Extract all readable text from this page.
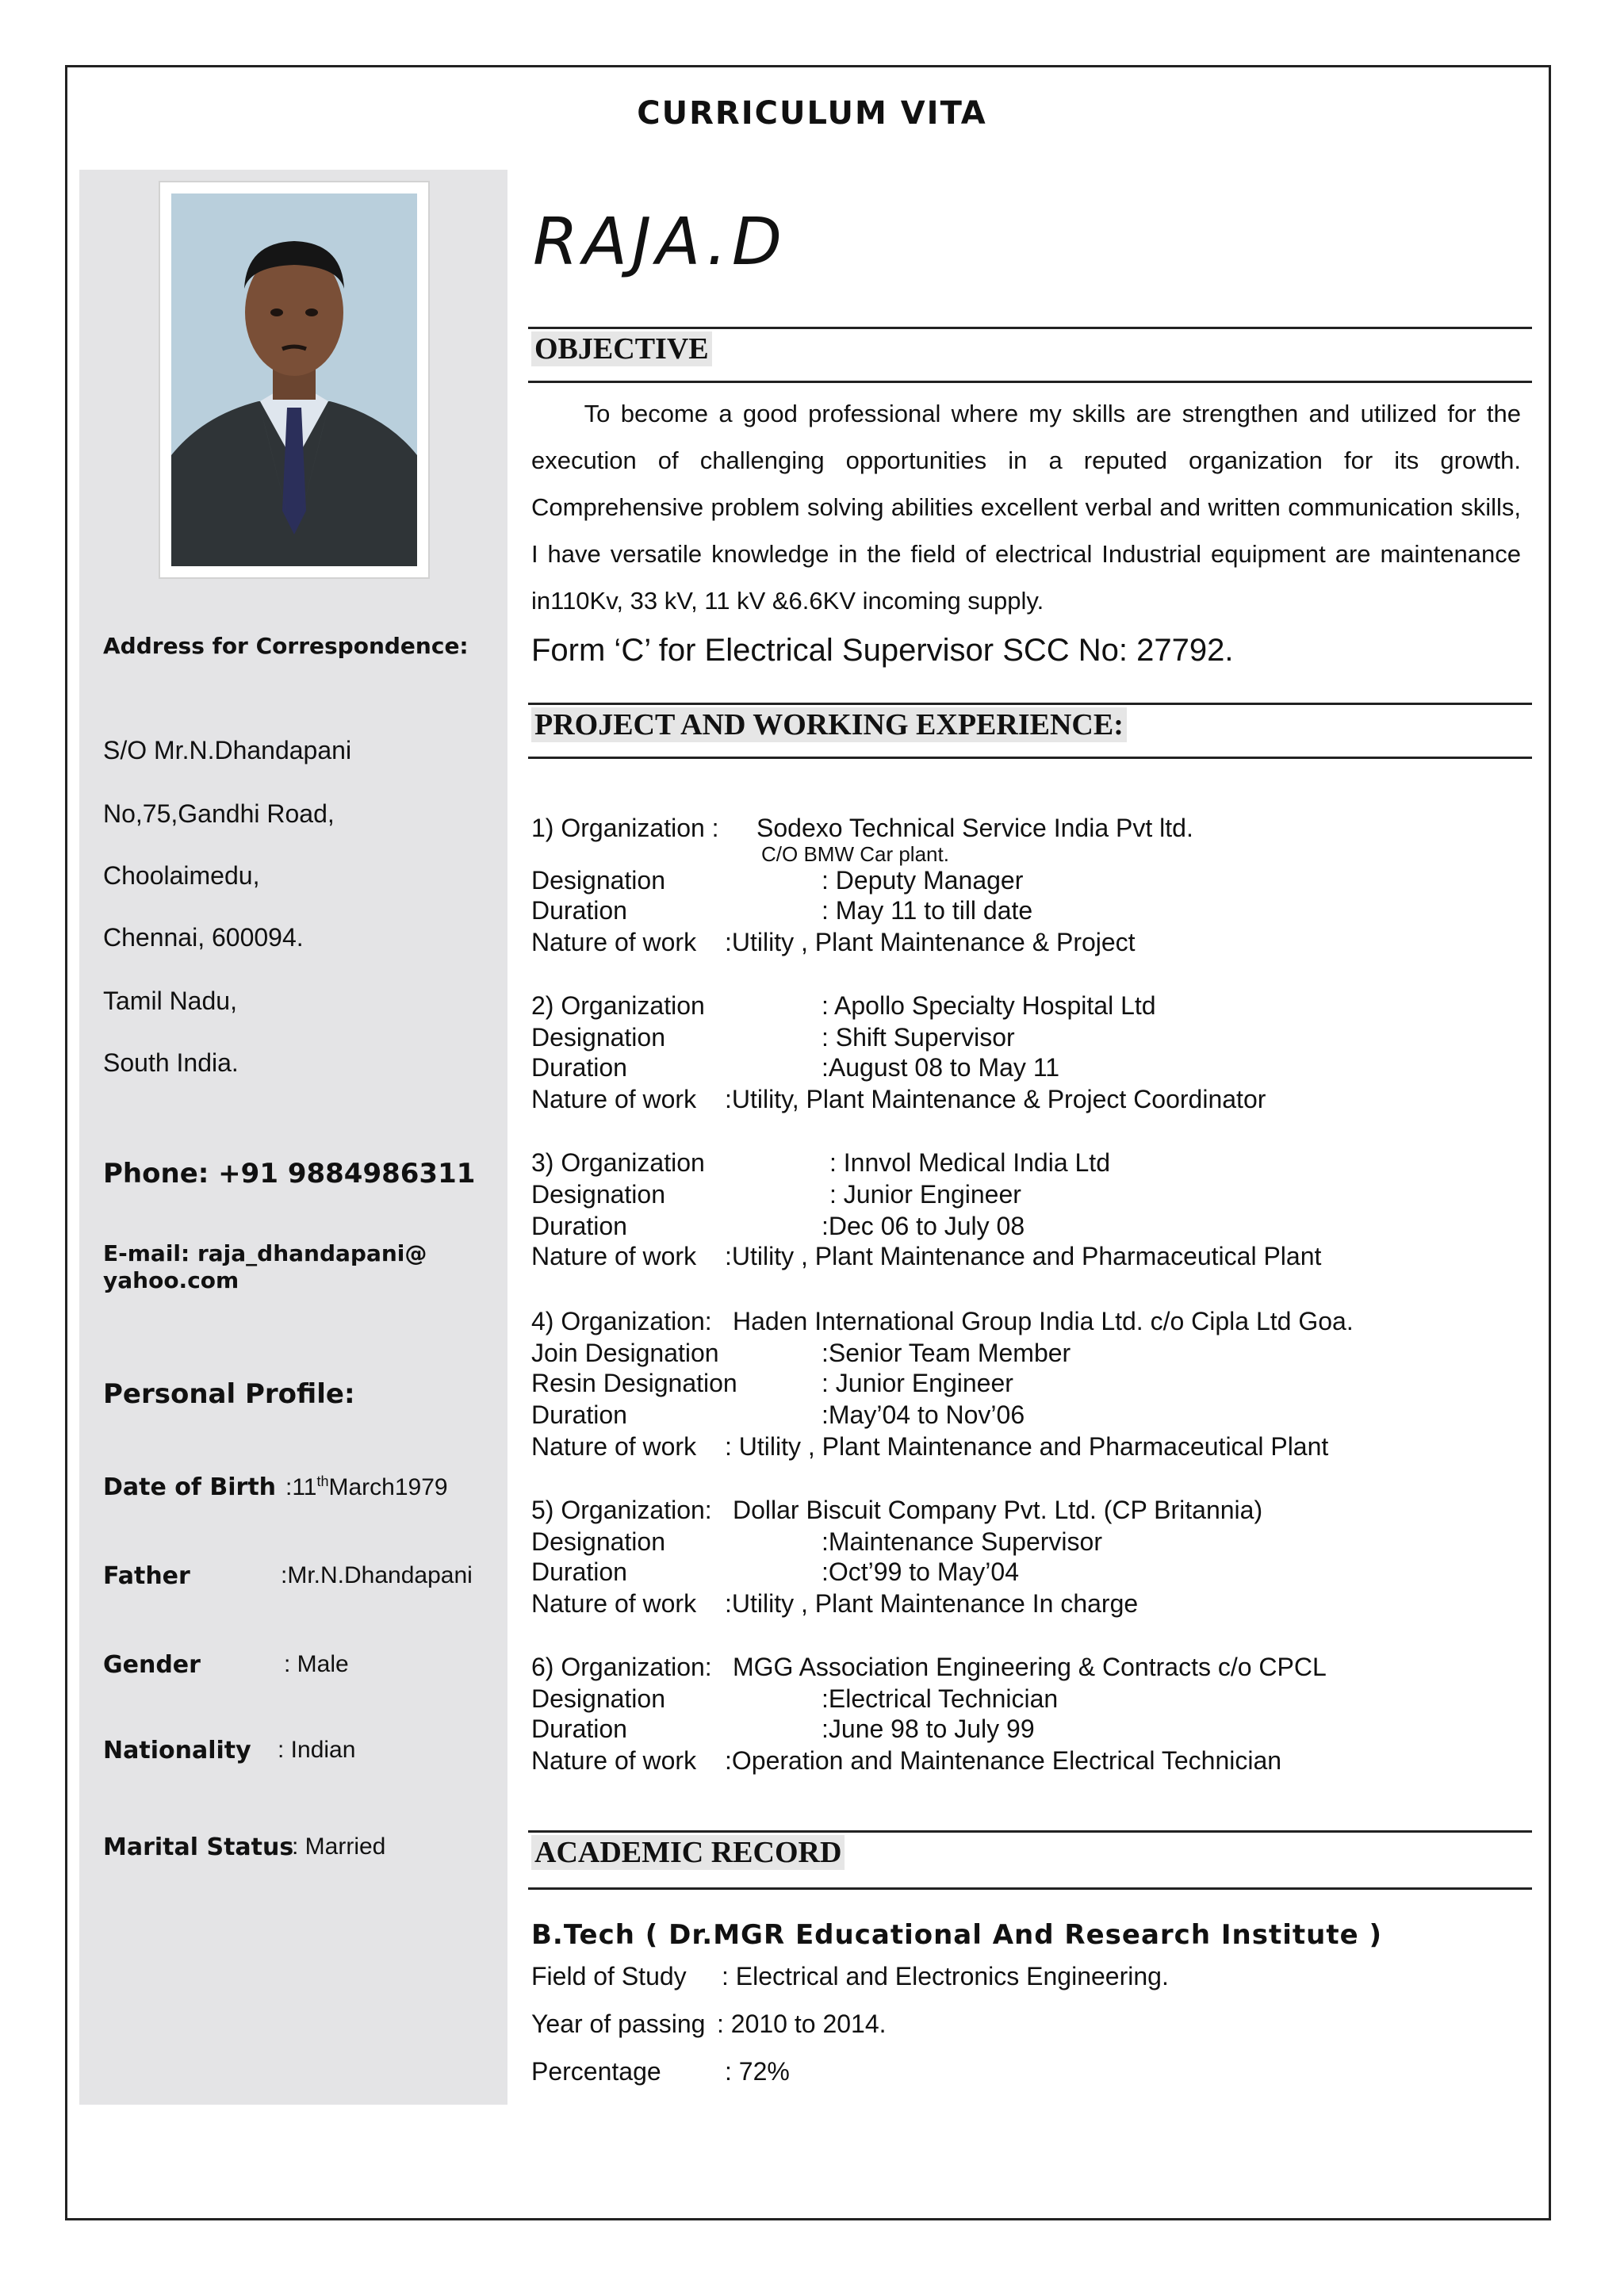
CURRICULUM VITA
Address for Correspondence:
S/O Mr.N.Dhandapani
No,75,Gandhi Road,
Choolaimedu,
Chennai, 600094.
Tamil Nadu,
South India.
Phone: +91 9884986311
E-mail: raja_dhandapani@
yahoo.com
Personal Profile:
Date of Birth :11thMarch1979
Father	:Mr.N.Dhandapani
Gender	: Male
Nationality : Indian
Marital Status
: Married
RAJA.D
OBJECTIVE
To become a good professional where my skills are strengthen and utilized for the execution of challenging opportunities in a reputed organization for its growth. Comprehensive problem solving abilities excellent verbal and written communication skills, I have versatile knowledge in the field of electrical Industrial equipment are maintenance in110Kv, 33 kV, 11 kV &6.6KV incoming supply.
Form ‘C’ for Electrical Supervisor SCC No: 27792.
PROJECT AND WORKING EXPERIENCE:
1) Organization : Sodexo Technical Service India Pvt ltd.
C/O BMW Car plant.
Designation	: Deputy Manager
Duration	: May 11 to till date
Nature of work :Utility , Plant Maintenance & Project
2) Organization	: Apollo Specialty Hospital Ltd
Designation	: Shift Supervisor
Duration	:August 08 to May 11
Nature of work :Utility, Plant Maintenance & Project Coordinator
3) Organization	: Innvol Medical India Ltd
Designation	: Junior Engineer
Duration	:Dec 06 to July 08
Nature of work :Utility , Plant Maintenance and Pharmaceutical Plant
4) Organization: Haden International Group India Ltd. c/o Cipla Ltd Goa.
Join Designation	:Senior Team Member
Resin Designation	: Junior Engineer
Duration	:May’04 to Nov’06
Nature of work : Utility , Plant Maintenance and Pharmaceutical Plant
5) Organization: Dollar Biscuit Company Pvt. Ltd. (CP Britannia)
Designation	:Maintenance Supervisor
Duration	:Oct’99 to May’04
Nature of work :Utility , Plant Maintenance In charge
6) Organization: MGG Association Engineering & Contracts c/o CPCL
Designation	:Electrical Technician
Duration	:June 98 to July 99
Nature of work :Operation and Maintenance Electrical Technician
ACADEMIC RECORD
B.Tech ( Dr.MGR Educational And Research Institute )
Field of Study : Electrical and Electronics Engineering.
Year of passing : 2010 to 2014.
Percentage	: 72%
